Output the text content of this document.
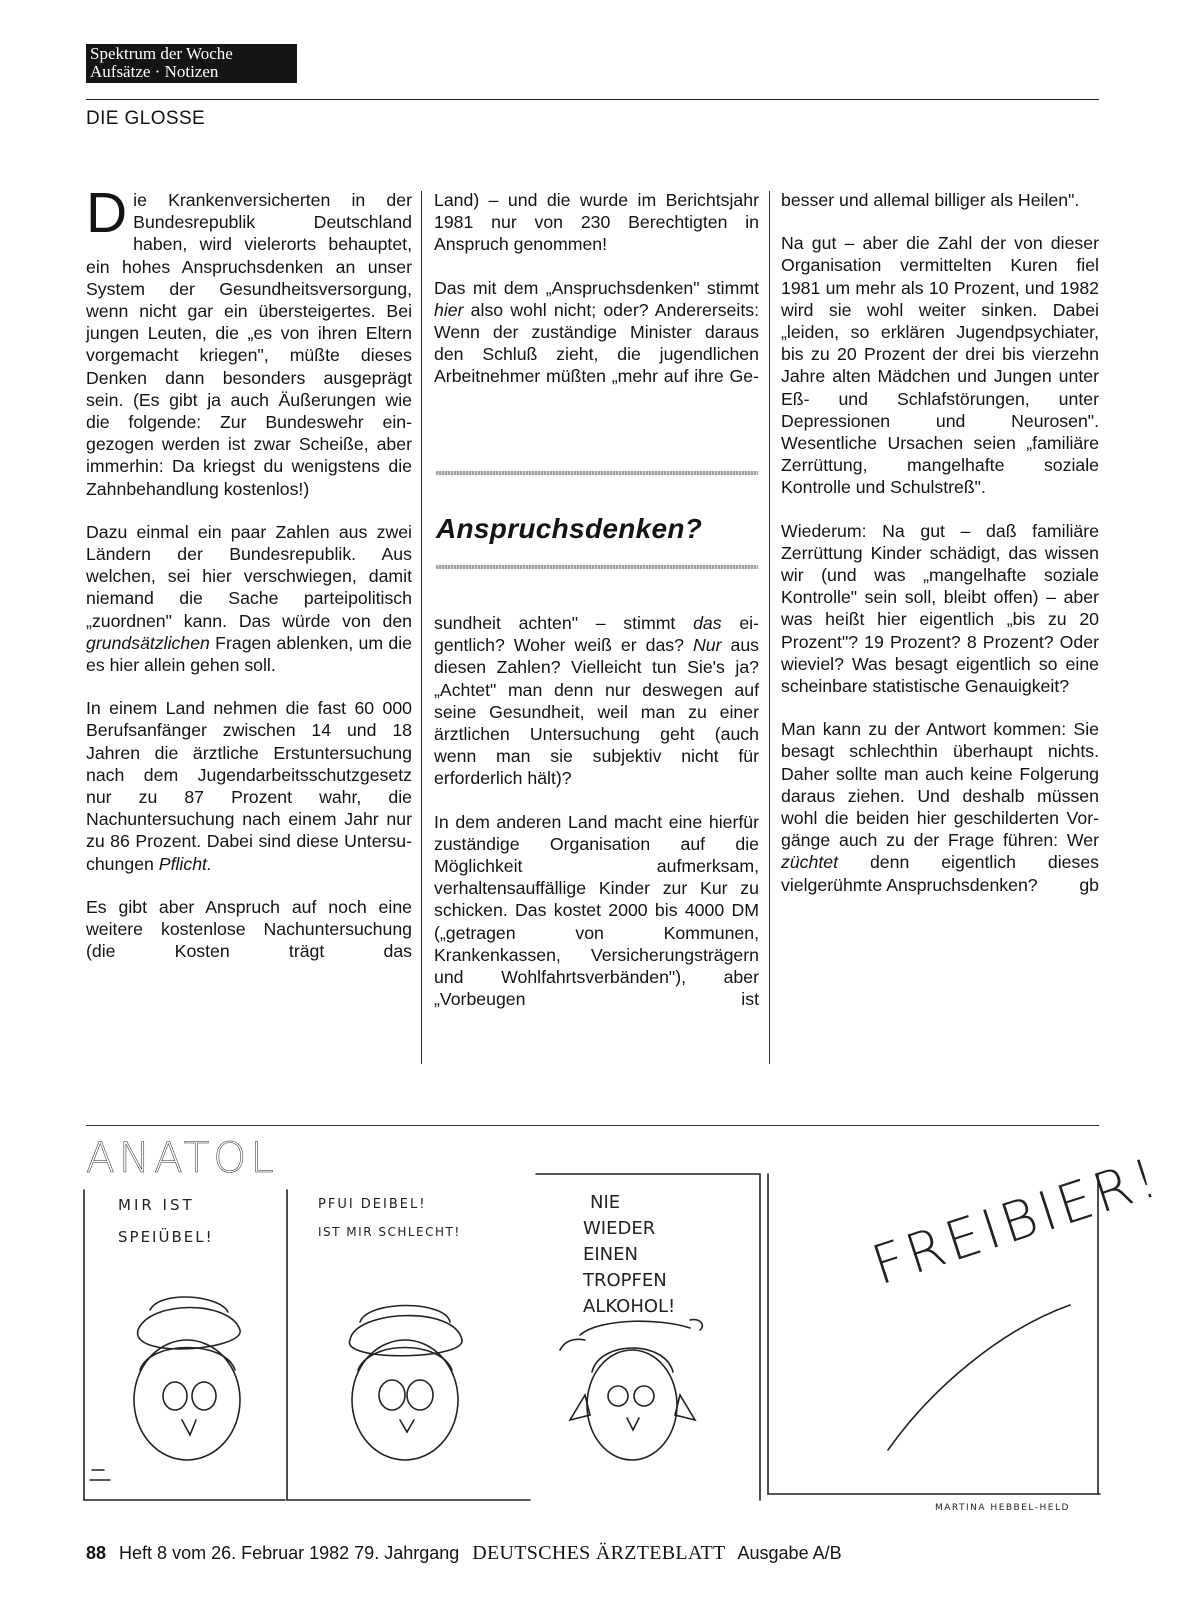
Spektrum der Woche
Aufsätze · Notizen
DIE GLOSSE

Die Krankenversicherten in der Bundesrepublik Deutschland haben, wird vielerorts behauptet, ein hohes Anspruchsdenken an unser System der Gesundheitsversorgung, wenn nicht gar ein übersteigertes. Bei jungen Leuten, die „es von ihren Eltern vorgemacht kriegen", müßte dieses Denken dann besonders ausgeprägt sein. (Es gibt ja auch Äußerungen wie die folgende: Zur Bundeswehr eingezogen werden ist zwar Scheiße, aber immerhin: Da kriegst du wenigstens die Zahnbehandlung kostenlos!)

Dazu einmal ein paar Zahlen aus zwei Ländern der Bundesrepublik. Aus welchen, sei hier verschwiegen, damit niemand die Sache parteipolitisch „zuordnen" kann. Das würde von den grundsätzlichen Fragen ablenken, um die es hier allein gehen soll.

In einem Land nehmen die fast 60 000 Berufsanfänger zwischen 14 und 18 Jahren die ärztliche Erstuntersuchung nach dem Jugendarbeitsschutzgesetz nur zu 87 Prozent wahr, die Nachuntersuchung nach einem Jahr nur zu 86 Prozent. Dabei sind diese Untersuchungen Pflicht.

Es gibt aber Anspruch auf noch eine weitere kostenlose Nachuntersuchung (die Kosten trägt das

Land) – und die wurde im Berichtsjahr 1981 nur von 230 Berechtigten in Anspruch genommen!

Das mit dem „Anspruchsdenken" stimmt hier also wohl nicht; oder? Andererseits: Wenn der zuständige Minister daraus den Schluß zieht, die jugendlichen Arbeitnehmer müßten „mehr auf ihre Ge-

Anspruchsdenken?

sundheit achten" – stimmt das eigentlich? Woher weiß er das? Nur aus diesen Zahlen? Vielleicht tun Sie's ja? „Achtet" man denn nur deswegen auf seine Gesundheit, weil man zu einer ärztlichen Untersuchung geht (auch wenn man sie subjektiv nicht für erforderlich hält)?

In dem anderen Land macht eine hierfür zuständige Organisation auf die Möglichkeit aufmerksam, verhaltensauffällige Kinder zur Kur zu schicken. Das kostet 2000 bis 4000 DM („getragen von Kommunen, Krankenkassen, Versicherungsträgern und Wohlfahrtsverbänden"), aber „Vorbeugen ist

besser und allemal billiger als Heilen".

Na gut – aber die Zahl der von dieser Organisation vermittelten Kuren fiel 1981 um mehr als 10 Prozent, und 1982 wird sie wohl weiter sinken. Dabei „leiden, so erklären Jugendpsychiater, bis zu 20 Prozent der drei bis vierzehn Jahre alten Mädchen und Jungen unter Eß- und Schlafstörungen, unter Depressionen und Neurosen". Wesentliche Ursachen seien „familiäre Zerrüttung, mangelhafte soziale Kontrolle und Schulstreß".

Wiederum: Na gut – daß familiäre Zerrüttung Kinder schädigt, das wissen wir (und was „mangelhafte soziale Kontrolle" sein soll, bleibt offen) – aber was heißt hier eigentlich „bis zu 20 Prozent"? 19 Prozent? 8 Prozent? Oder wieviel? Was besagt eigentlich so eine scheinbare statistische Genauigkeit?

Man kann zu der Antwort kommen: Sie besagt schlechthin überhaupt nichts. Daher sollte man auch keine Folgerung daraus ziehen. Und deshalb müssen wohl die beiden hier geschilderten Vorgänge auch zu der Frage führen: Wer züchtet denn eigentlich dieses vielgerühmte Anspruchsdenken? gb

ANATOL
MIR IST
SPEIÜBEL!
PFUI DEIBEL!
IST MIR SCHLECHT!
NIE
WIEDER
EINEN
TROPFEN
ALKOHOL!
FREIBIER!
MARTINA HEBBEL-HELD
88 Heft 8 vom 26. Februar 1982 79. Jahrgang DEUTSCHES ÄRZTEBLATT Ausgabe A/B
